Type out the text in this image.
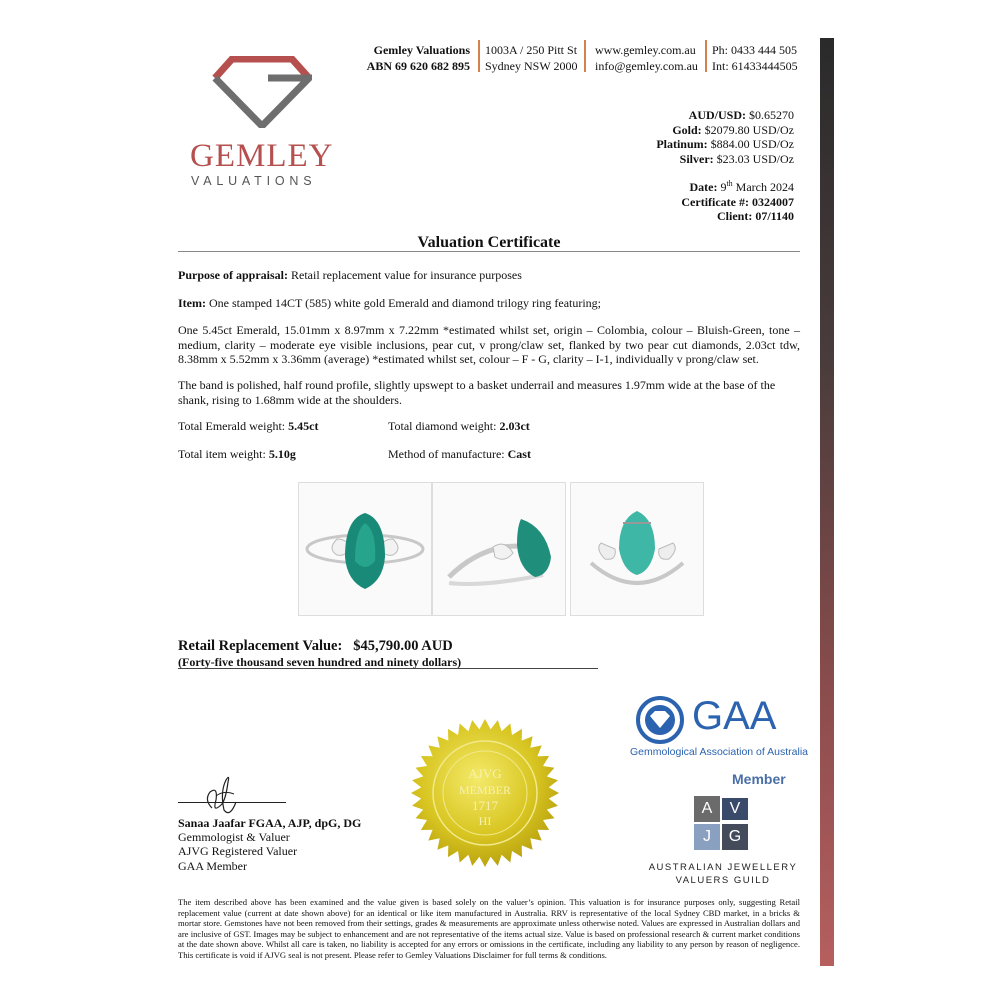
GEMLEY
VALUATIONS
Gemley Valuations
ABN 69 620 682 895
1003A / 250 Pitt St
Sydney NSW 2000
www.gemley.com.au
info@gemley.com.au
Ph: 0433 444 505
Int: 61433444505
AUD/USD: $0.65270
Gold: $2079.80 USD/Oz
Platinum: $884.00 USD/Oz
Silver: $23.03 USD/Oz
Date: 9th March 2024
Certificate #: 0324007
Client: 07/1140
Valuation Certificate
Purpose of appraisal: Retail replacement value for insurance purposes
Item: One stamped 14CT (585) white gold Emerald and diamond trilogy ring featuring;
One 5.45ct Emerald, 15.01mm x 8.97mm x 7.22mm *estimated whilst set, origin – Colombia, colour – Bluish-Green, tone – medium, clarity – moderate eye visible inclusions, pear cut, v prong/claw set, flanked by two pear cut diamonds, 2.03ct tdw, 8.38mm x 5.52mm x 3.36mm (average) *estimated whilst set, colour – F - G, clarity – I-1, individually v prong/claw set.
The band is polished, half round profile, slightly upswept to a basket underrail and measures 1.97mm wide at the base of the shank, rising to 1.68mm wide at the shoulders.
Total Emerald weight: 5.45ct	Total diamond weight: 2.03ct
Total item weight: 5.10g	Method of manufacture: Cast
Retail Replacement Value: $45,790.00 AUD
(Forty-five thousand seven hundred and ninety dollars)
AJVG
MEMBER
1717
HI
GAA
Gemmological Association of Australia
Member
A	V
J	G
AUSTRALIAN JEWELLERY
VALUERS GUILD
Sanaa Jaafar FGAA, AJP, dpG, DG
Gemmologist & Valuer
AJVG Registered Valuer
GAA Member
The item described above has been examined and the value given is based solely on the valuer’s opinion. This valuation is for insurance purposes only, suggesting Retail replacement value (current at date shown above) for an identical or like item manufactured in Australia. RRV is representative of the local Sydney CBD market, in a bricks & mortar store. Gemstones have not been removed from their settings, grades & measurements are approximate unless otherwise noted. Values are expressed in Australian dollars and are inclusive of GST. Images may be subject to enhancement and are not representative of the items actual size. Value is based on professional research & current market conditions at the date shown above. Whilst all care is taken, no liability is accepted for any errors or omissions in the certificate, including any liability to any person by reason of negligence. This certificate is void if AJVG seal is not present. Please refer to Gemley Valuations Disclaimer for full terms & conditions.
